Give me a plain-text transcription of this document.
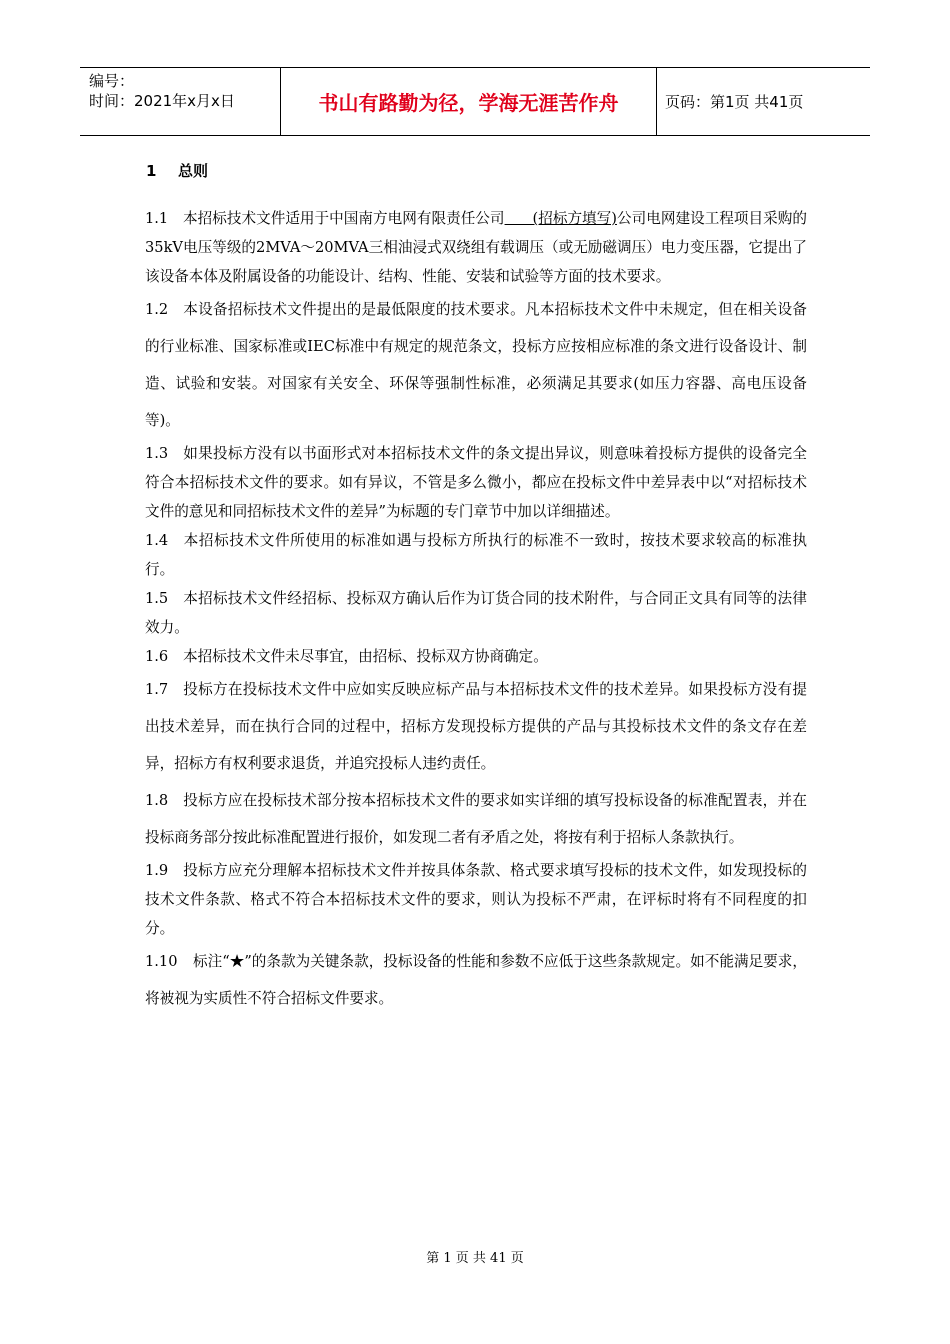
编号：
时间：2021年x月x日	书山有路勤为径，学海无涯苦作舟	页码：第1页 共41页
1 总则

1.1 本招标技术文件适用于中国南方电网有限责任公司      (招标方填写)公司电网建设工程项目采购的35kV电压等级的2MVA～20MVA三相油浸式双绕组有载调压（或无励磁调压）电力变压器，它提出了该设备本体及附属设备的功能设计、结构、性能、安装和试验等方面的技术要求。

1.2 本设备招标技术文件提出的是最低限度的技术要求。凡本招标技术文件中未规定，但在相关设备的行业标准、国家标准或IEC标准中有规定的规范条文，投标方应按相应标准的条文进行设备设计、制造、试验和安装。对国家有关安全、环保等强制性标准，必须满足其要求(如压力容器、高电压设备等)。

1.3 如果投标方没有以书面形式对本招标技术文件的条文提出异议，则意味着投标方提供的设备完全符合本招标技术文件的要求。如有异议，不管是多么微小，都应在投标文件中差异表中以“对招标技术文件的意见和同招标技术文件的差异”为标题的专门章节中加以详细描述。

1.4 本招标技术文件所使用的标准如遇与投标方所执行的标准不一致时，按技术要求较高的标准执行。

1.5 本招标技术文件经招标、投标双方确认后作为订货合同的技术附件，与合同正文具有同等的法律效力。

1.6 本招标技术文件未尽事宜，由招标、投标双方协商确定。

1.7 投标方在投标技术文件中应如实反映应标产品与本招标技术文件的技术差异。如果投标方没有提出技术差异，而在执行合同的过程中，招标方发现投标方提供的产品与其投标技术文件的条文存在差异，招标方有权利要求退货，并追究投标人违约责任。

1.8 投标方应在投标技术部分按本招标技术文件的要求如实详细的填写投标设备的标准配置表，并在投标商务部分按此标准配置进行报价，如发现二者有矛盾之处，将按有利于招标人条款执行。

1.9 投标方应充分理解本招标技术文件并按具体条款、格式要求填写投标的技术文件，如发现投标的技术文件条款、格式不符合本招标技术文件的要求，则认为投标不严肃，在评标时将有不同程度的扣分。

1.10 标注“★”的条款为关键条款，投标设备的性能和参数不应低于这些条款规定。如不能满足要求，将被视为实质性不符合招标文件要求。

第 1 页 共 41 页
